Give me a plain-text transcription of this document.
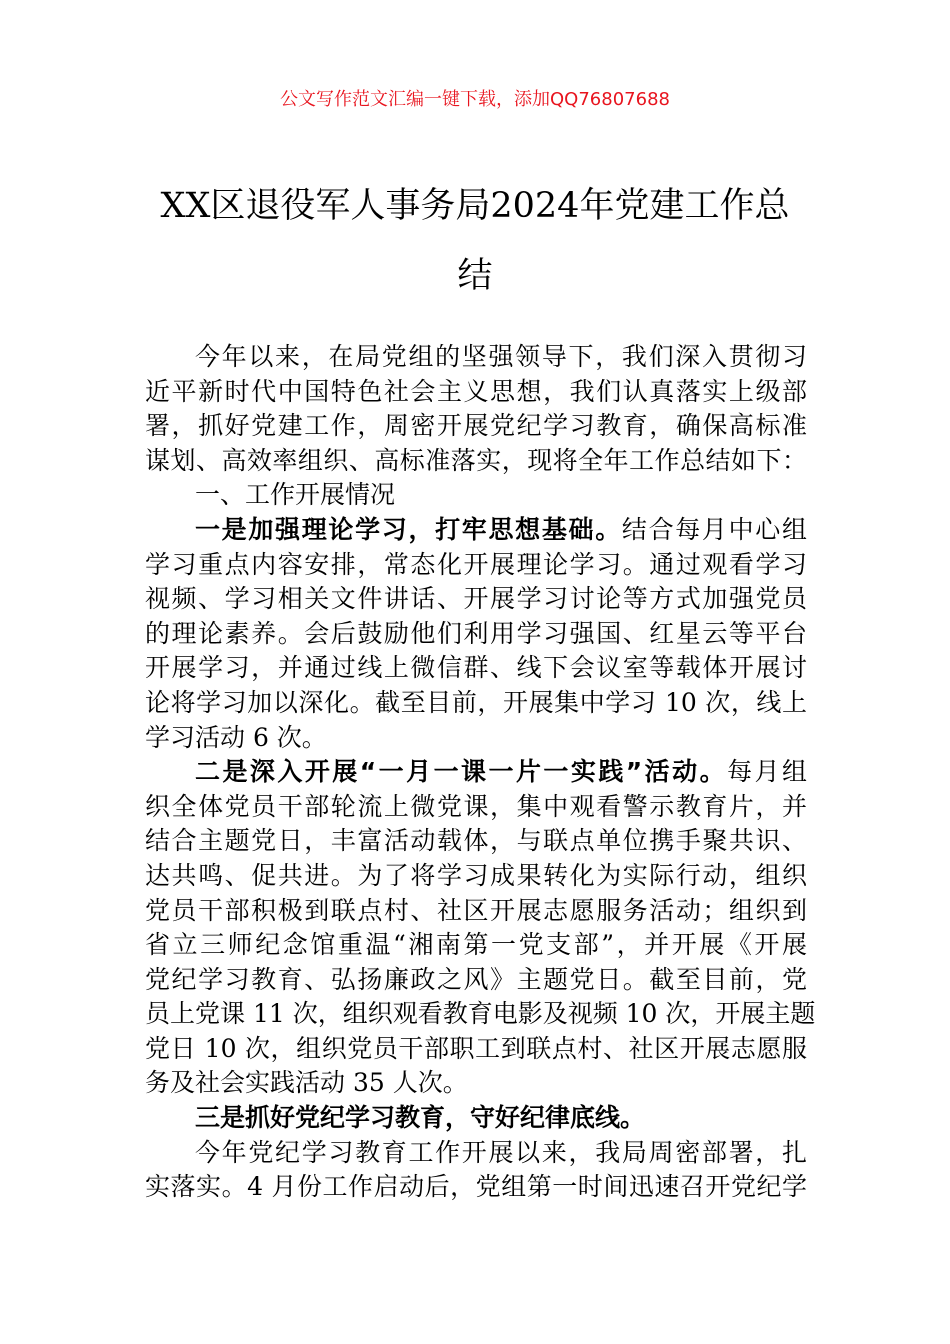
公文写作范文汇编一键下载，添加QQ76807688
XX区退役军人事务局2024年党建工作总
结
今年以来，在局党组的坚强领导下，我们深入贯彻习
近平新时代中国特色社会主义思想，我们认真落实上级部
署，抓好党建工作，周密开展党纪学习教育，确保高标准
谋划、高效率组织、高标准落实，现将全年工作总结如下：
一、工作开展情况
一是加强理论学习，打牢思想基础。结合每月中心组
学习重点内容安排，常态化开展理论学习。通过观看学习
视频、学习相关文件讲话、开展学习讨论等方式加强党员
的理论素养。会后鼓励他们利用学习强国、红星云等平台
开展学习，并通过线上微信群、线下会议室等载体开展讨
论将学习加以深化。截至目前，开展集中学习 10 次，线上
学习活动 6 次。
二是深入开展“一月一课一片一实践”活动。每月组
织全体党员干部轮流上微党课，集中观看警示教育片，并
结合主题党日，丰富活动载体，与联点单位携手聚共识、
达共鸣、促共进。为了将学习成果转化为实际行动，组织
党员干部积极到联点村、社区开展志愿服务活动；组织到
省立三师纪念馆重温“湘南第一党支部”，并开展《开展
党纪学习教育、弘扬廉政之风》主题党日。截至目前，党
员上党课 11 次，组织观看教育电影及视频 10 次，开展主题
党日 10 次，组织党员干部职工到联点村、社区开展志愿服
务及社会实践活动 35 人次。
三是抓好党纪学习教育，守好纪律底线。
今年党纪学习教育工作开展以来，我局周密部署，扎
实落实。4 月份工作启动后，党组第一时间迅速召开党纪学
